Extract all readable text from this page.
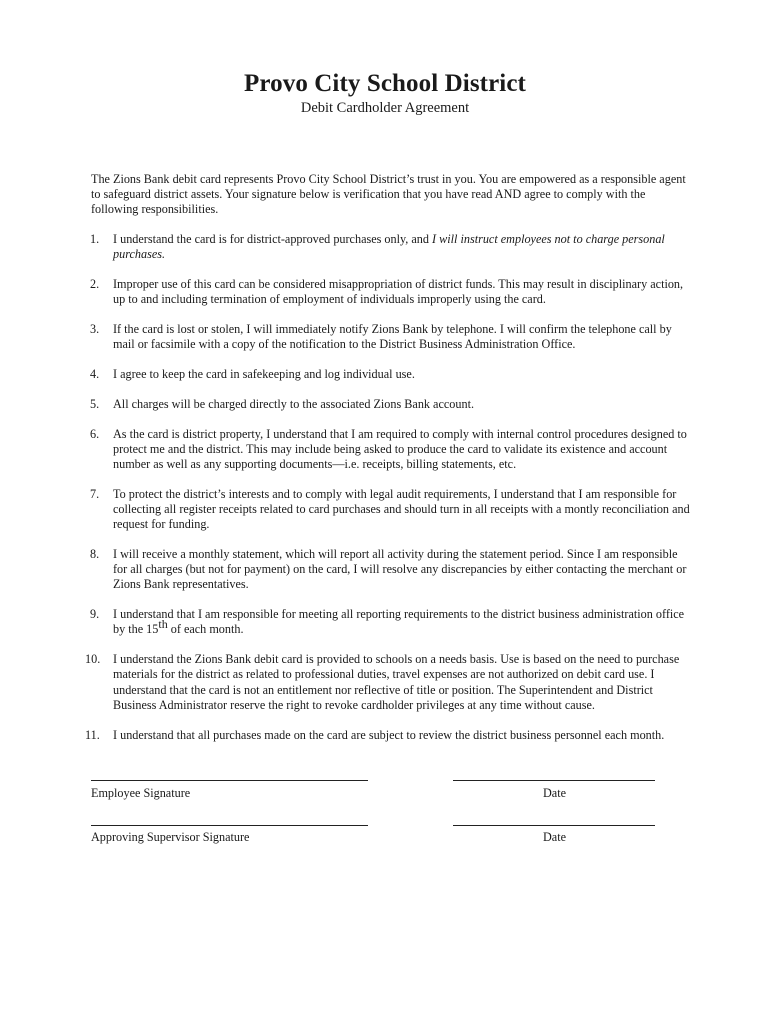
Provo City School District
Debit Cardholder Agreement
The Zions Bank debit card represents Provo City School District’s trust in you. You are empowered as a responsible agent to safeguard district assets. Your signature below is verification that you have read AND agree to comply with the following responsibilities.
1.	I understand the card is for district-approved purchases only, and I will instruct employees not to charge personal purchases.
2.	Improper use of this card can be considered misappropriation of district funds. This may result in disciplinary action, up to and including termination of employment of individuals improperly using the card.
3.	If the card is lost or stolen, I will immediately notify Zions Bank by telephone. I will confirm the telephone call by mail or facsimile with a copy of the notification to the District Business Administration Office.
4.	I agree to keep the card in safekeeping and log individual use.
5.	All charges will be charged directly to the associated Zions Bank account.
6.	As the card is district property, I understand that I am required to comply with internal control procedures designed to protect me and the district. This may include being asked to produce the card to validate its existence and account number as well as any supporting documents—i.e. receipts, billing statements, etc.
7.	To protect the district’s interests and to comply with legal audit requirements, I understand that I am responsible for collecting all register receipts related to card purchases and should turn in all receipts with a montly reconciliation and request for funding.
8.	I will receive a monthly statement, which will report all activity during the statement period. Since I am responsible for all charges (but not for payment) on the card, I will resolve any discrepancies by either contacting the merchant or Zions Bank representatives.
9.	I understand that I am responsible for meeting all reporting requirements to the district business administration office by the 15th of each month.
10.	I understand the Zions Bank debit card is provided to schools on a needs basis. Use is based on the need to purchase materials for the district as related to professional duties, travel expenses are not authorized on debit card use. I understand that the card is not an entitlement nor reflective of title or position. The Superintendent and District Business Administrator reserve the right to revoke cardholder privileges at any time without cause.
11.	I understand that all purchases made on the card are subject to review the district business personnel each month.
Employee Signature	Date
Approving Supervisor Signature	Date
